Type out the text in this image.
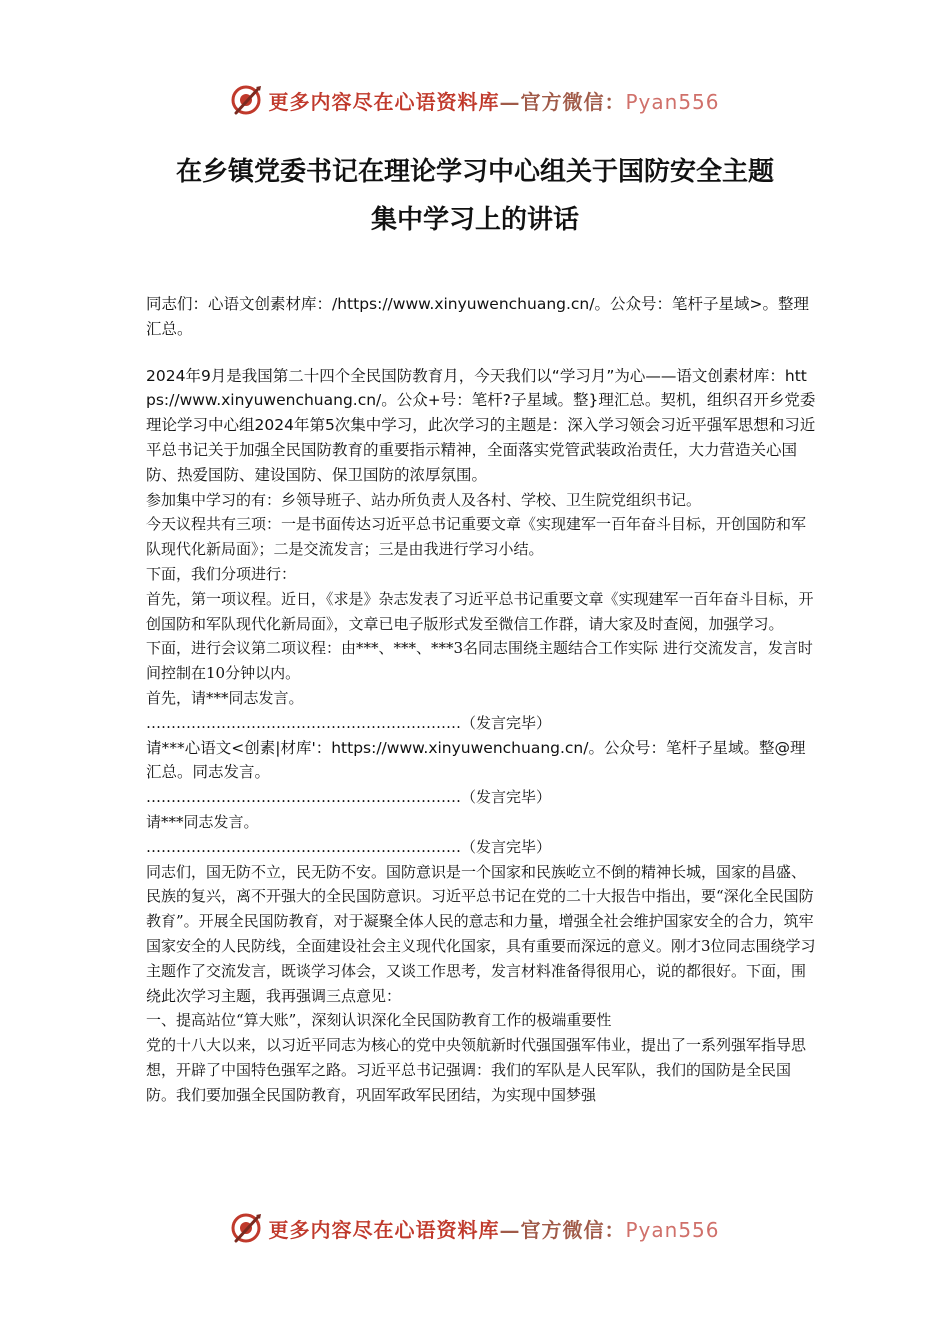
更多内容尽在心语资料库—官方微信：Pyan556
在乡镇党委书记在理论学习中心组关于国防安全主题
集中学习上的讲话

同志们：心语文创素材库：/https://www.xinyuwenchuang.cn/。公众号：笔杆子星域>。整理汇总。

2024年9月是我国第二十四个全民国防教育月，今天我们以“学习月”为心——语文创素材库：https://www.xinyuwenchuang.cn/。公众+号：笔杆?子星域。整}理汇总。契机，组织召开乡党委理论学习中心组2024年第5次集中学习，此次学习的主题是：深入学习领会习近平强军思想和习近平总书记关于加强全民国防教育的重要指示精神，全面落实党管武装政治责任，大力营造关心国防、热爱国防、建设国防、保卫国防的浓厚氛围。

参加集中学习的有：乡领导班子、站办所负责人及各村、学校、卫生院党组织书记。

今天议程共有三项：一是书面传达习近平总书记重要文章《实现建军一百年奋斗目标，开创国防和军队现代化新局面》；二是交流发言；三是由我进行学习小结。

下面，我们分项进行：

首先，第一项议程。近日，《求是》杂志发表了习近平总书记重要文章《实现建军一百年奋斗目标，开创国防和军队现代化新局面》，文章已电子版形式发至微信工作群，请大家及时查阅，加强学习。

下面，进行会议第二项议程：由***、***、***3名同志围绕主题结合工作实际 进行交流发言，发言时间控制在10分钟以内。

首先，请***同志发言。

………………………………………………………（发言完毕）

请***心语文<创素|材库'：https://www.xinyuwenchuang.cn/。公众号：笔杆子星域。整@理汇总。同志发言。

………………………………………………………（发言完毕）

请***同志发言。

………………………………………………………（发言完毕）

同志们，国无防不立，民无防不安。国防意识是一个国家和民族屹立不倒的精神长城，国家的昌盛、民族的复兴，离不开强大的全民国防意识。习近平总书记在党的二十大报告中指出，要“深化全民国防教育”。开展全民国防教育，对于凝聚全体人民的意志和力量，增强全社会维护国家安全的合力，筑牢国家安全的人民防线，全面建设社会主义现代化国家，具有重要而深远的意义。刚才3位同志围绕学习主题作了交流发言，既谈学习体会，又谈工作思考，发言材料准备得很用心，说的都很好。下面，围绕此次学习主题，我再强调三点意见：

一、提高站位“算大账”，深刻认识深化全民国防教育工作的极端重要性

党的十八大以来，以习近平同志为核心的党中央领航新时代强国强军伟业，提出了一系列强军指导思想，开辟了中国特色强军之路。习近平总书记强调：我们的军队是人民军队，我们的国防是全民国防。我们要加强全民国防教育，巩固军政军民团结，为实现中国梦强

更多内容尽在心语资料库—官方微信：Pyan556
